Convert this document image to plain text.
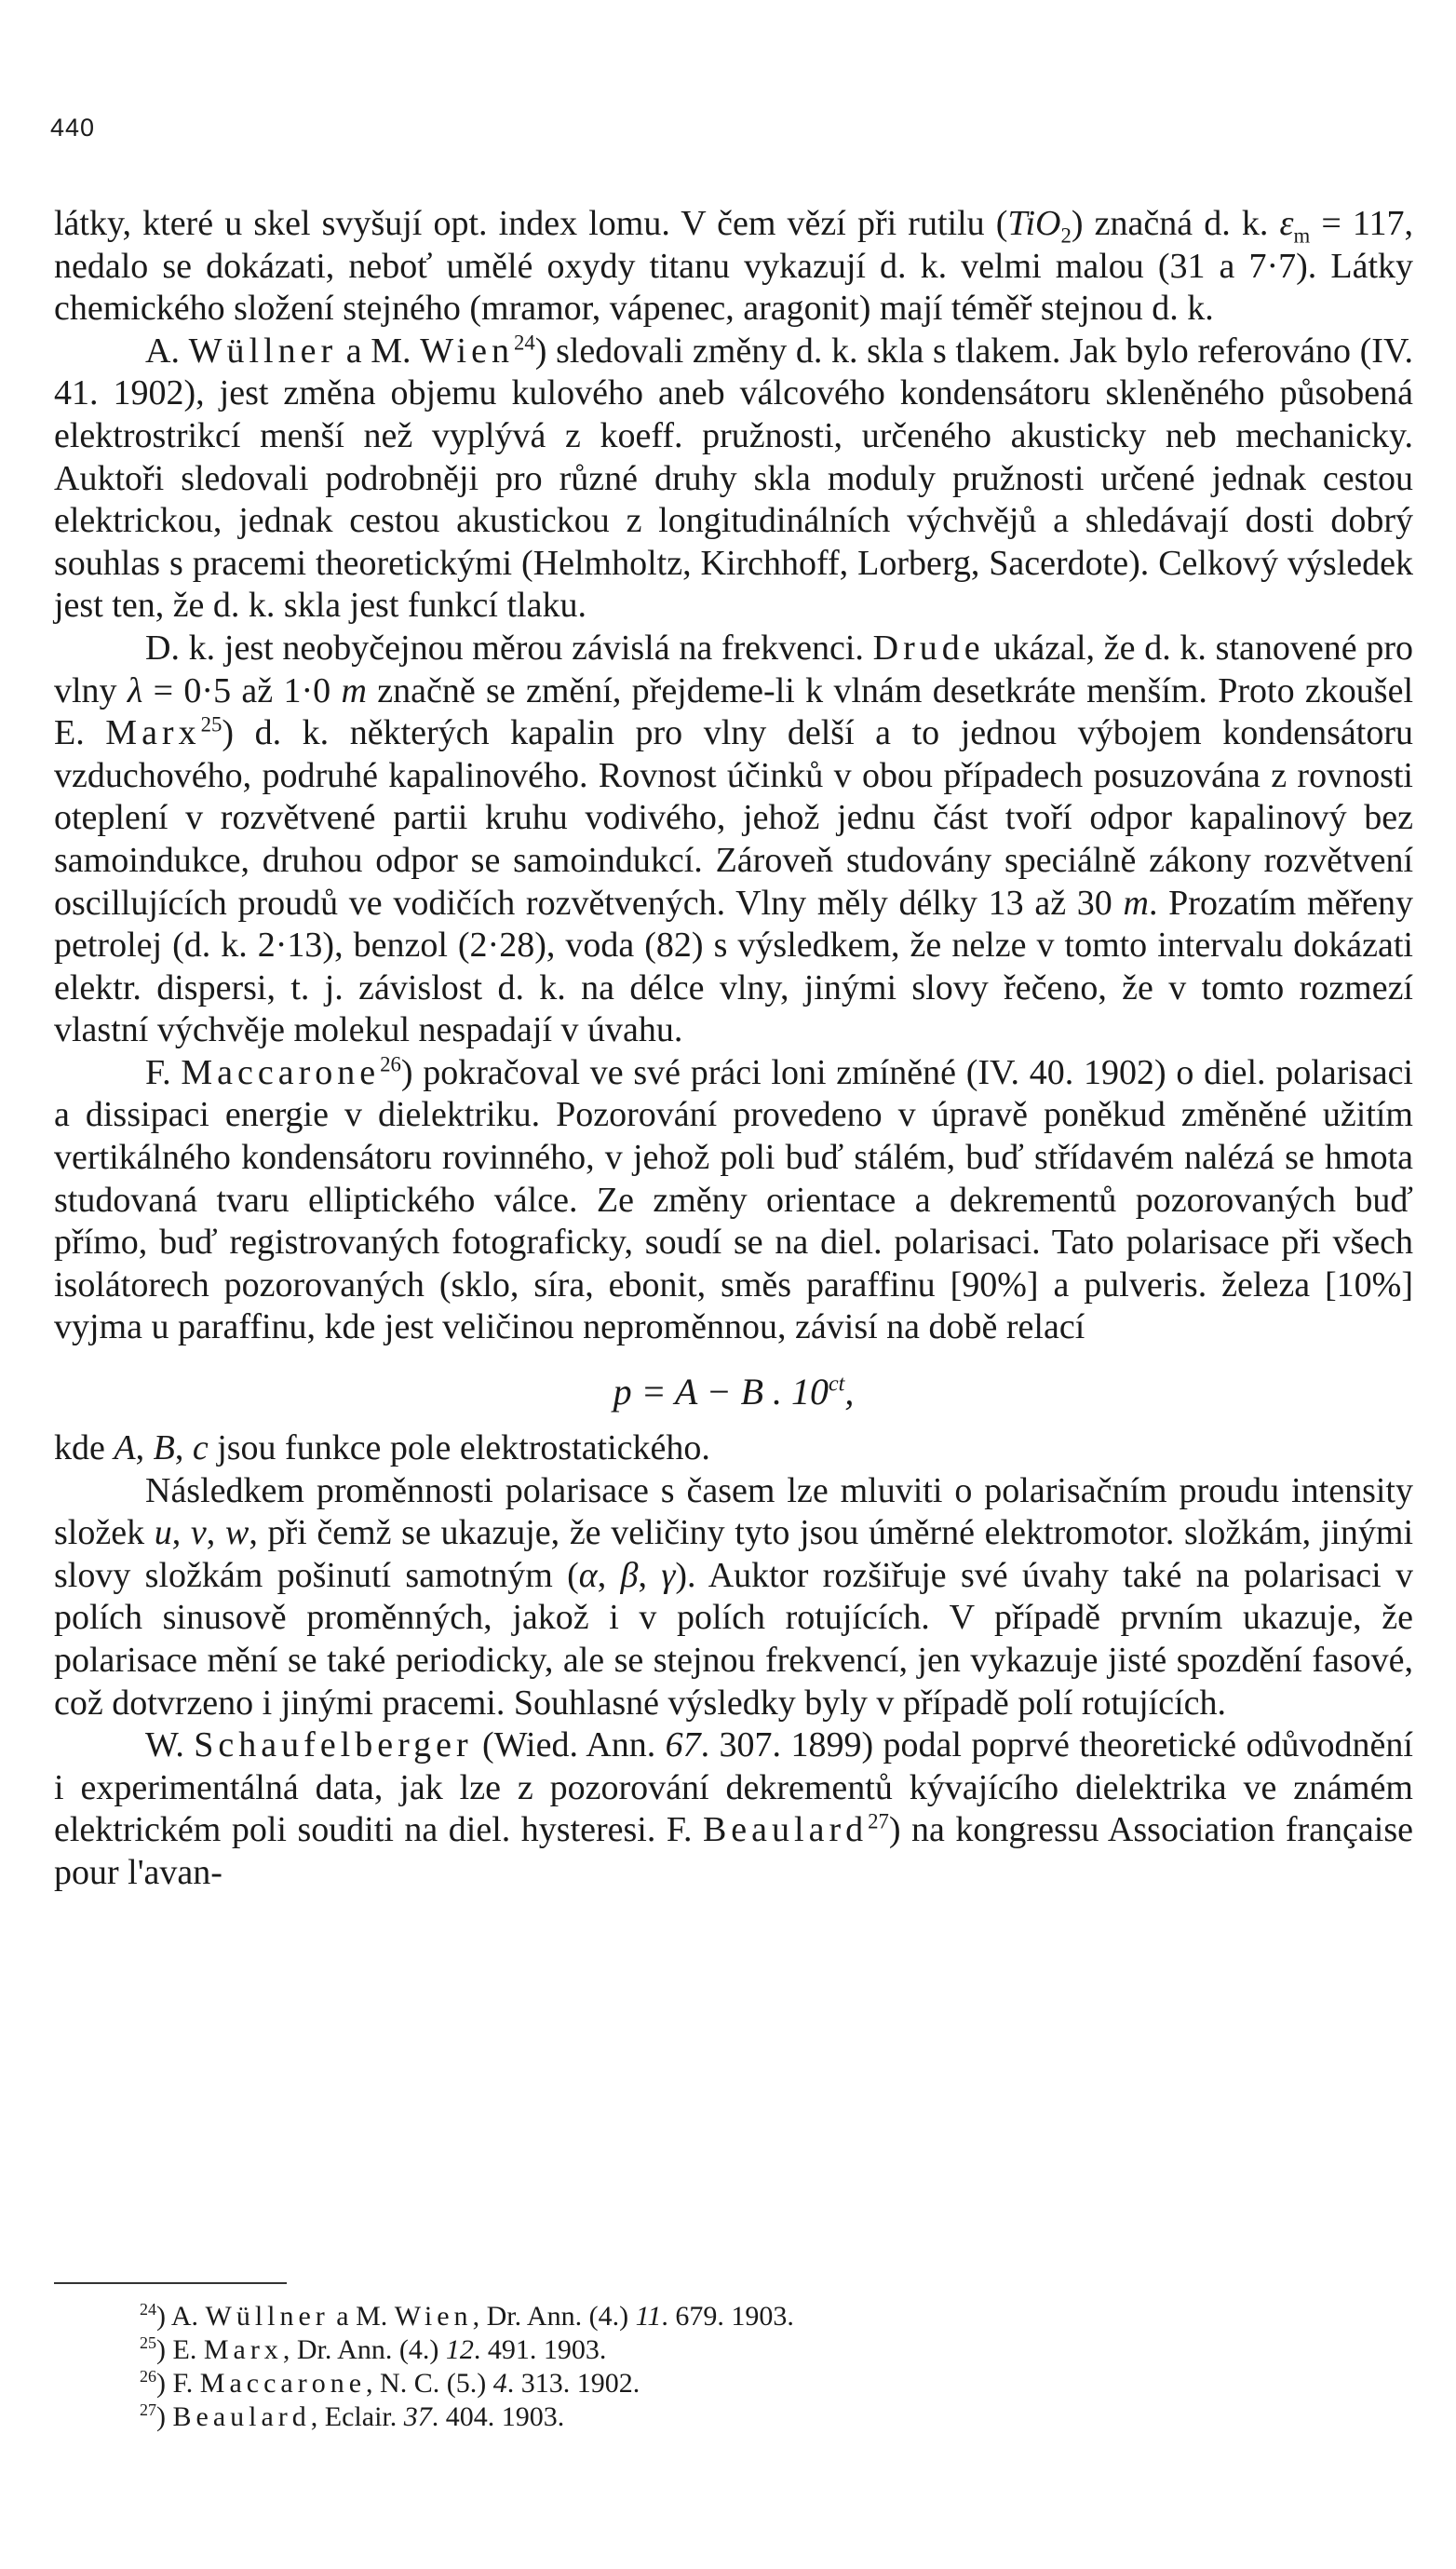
440

látky, které u skel svyšují opt. index lomu. V čem vězí při rutilu (TiO$_2$) značná d. k. $\varepsilon_m = 117$, nedalo se dokázati, neboť umělé oxydy titanu vykazují d. k. velmi malou (31 a 7·7). Látky chemického složení stejného (mramor, vápenec, aragonit) mají téměř stejnou d. k.

A. Wüllner a M. Wien$^{24}$) sledovali změny d. k. skla s tlakem. Jak bylo referováno (IV. 41. 1902), jest změna objemu kulového aneb válcového kondensátoru skleněného působená elektrostrikcí menší než vyplývá z koeff. pružnosti, určeného akusticky neb mechanicky. Auktoři sledovali podrobněji pro různé druhy skla moduly pružnosti určené jednak cestou elektrickou, jednak cestou akustickou z longitudinálních výchvějů a shledávají dosti dobrý souhlas s pracemi theoretickými (Helmholtz, Kirchhoff, Lorberg, Sacerdote). Celkový výsledek jest ten, že d. k. skla jest funkcí tlaku.

D. k. jest neobyčejnou měrou závislá na frekvenci. Drude ukázal, že d. k. stanovené pro vlny λ = 0·5 až 1·0 m značně se změní, přejdeme-li k vlnám desetkráte menším. Proto zkoušel E. Marx$^{25}$) d. k. některých kapalin pro vlny delší a to jednou výbojem kondensátoru vzduchového, podruhé kapalinového. Rovnost účinků v obou případech posuzována z rovnosti oteplení v rozvětvené partii kruhu vodivého, jehož jednu část tvoří odpor kapalinový bez samoindukce, druhou odpor se samoindukcí. Zároveň studovány speciálně zákony rozvětvení oscillujících proudů ve vodičích rozvětvených. Vlny měly délky 13 až 30 m. Prozatím měřeny petrolej (d. k. 2·13), benzol (2·28), voda (82) s výsledkem, že nelze v tomto intervalu dokázati elektr. dispersi, t. j. závislost d. k. na délce vlny, jinými slovy řečeno, že v tomto rozmezí vlastní výchvěje molekul nespadají v úvahu.

F. Maccarone$^{26}$) pokračoval ve své práci loni zmíněné (IV. 40. 1902) o diel. polarisaci a dissipaci energie v dielektriku. Pozorování provedeno v úpravě poněkud změněné užitím vertikálného kondensátoru rovinného, v jehož poli buď stálém, buď střídavém nalézá se hmota studovaná tvaru elliptického válce. Ze změny orientace a dekrementů pozorovaných buď přímo, buď registrovaných fotograficky, soudí se na diel. polarisaci. Tato polarisace při všech isolátorech pozorovaných (sklo, síra, ebonit, směs paraffinu [90%] a pulveris. železa [10%] vyjma u paraffinu, kde jest veličinou neproměnnou, závisí na době relací

p = A − B . $10^{ct}$,

kde A, B, c jsou funkce pole elektrostatického.

Následkem proměnnosti polarisace s časem lze mluviti o polarisačním proudu intensity složek u, v, w, při čemž se ukazuje, že veličiny tyto jsou úměrné elektromotor. složkám, jinými slovy složkám pošinutí samotným (α, β, γ). Auktor rozšiřuje své úvahy také na polarisaci v polích sinusově proměnných, jakož i v polích rotujících. V případě prvním ukazuje, že polarisace mění se také periodicky, ale se stejnou frekvencí, jen vykazuje jisté spozdění fasové, což dotvrzeno i jinými pracemi. Souhlasné výsledky byly v případě polí rotujících.

W. Schaufelberger (Wied. Ann. 67. 307. 1899) podal poprvé theoretické odůvodnění i experimentálná data, jak lze z pozorování dekrementů kývajícího dielektrika ve známém elektrickém poli souditi na diel. hysteresi. F. Beaulard$^{27}$) na kongressu Association française pour l'avan-

$^{24}$) A. Wüllner a M. Wien, Dr. Ann. (4.) 11. 679. 1903.
$^{25}$) E. Marx, Dr. Ann. (4.) 12. 491. 1903.
$^{26}$) F. Maccarone, N. C. (5.) 4. 313. 1902.
$^{27}$) Beaulard, Eclair. 37. 404. 1903.
